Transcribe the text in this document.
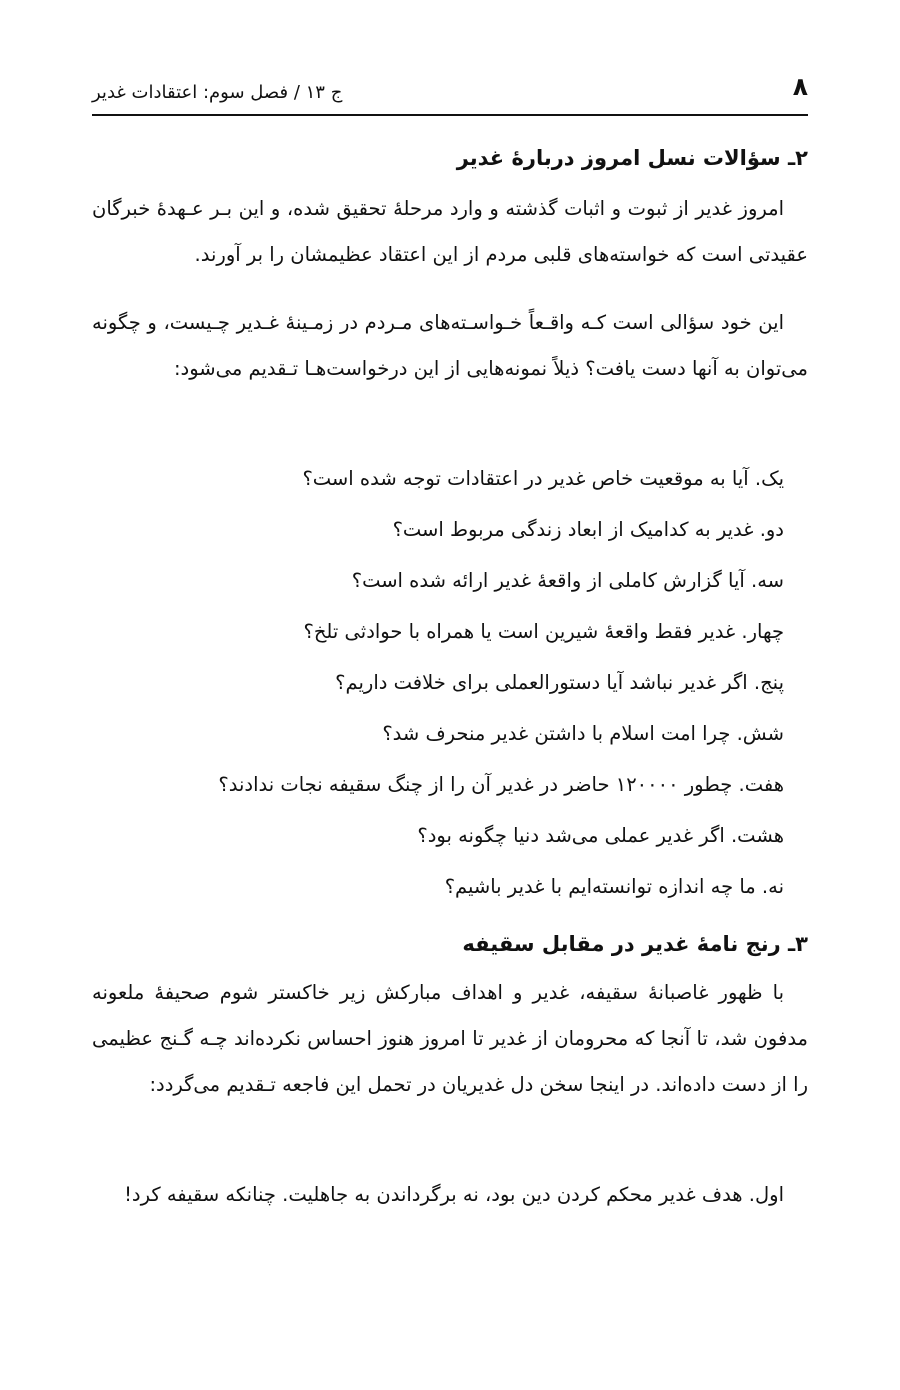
۸
ج ۱۳ / فصل سوم: اعتقادات غدیر
۲ـ سؤالات نسل امروز دربارۀ غدیر

امروز غدیر از ثبوت و اثبات گذشته و وارد مرحلۀ تحقیق شده، و این بـر عـهدۀ خبرگان عقیدتی است که خواسته‌های قلبی مردم از این اعتقاد عظیمشان را بر آورند.

این خود سؤالی است کـه واقـعاً خـواسـته‌های مـردم در زمـینۀ غـدیر چـیست، و چگونه می‌توان به آنها دست یافت؟ ذیلاً نمونه‌هایی از این درخواست‌هـا تـقدیم می‌شود:

یک. آیا به موقعیت خاص غدیر در اعتقادات توجه شده است؟
دو. غدیر به کدامیک از ابعاد زندگی مربوط است؟
سه. آیا گزارش کاملی از واقعۀ غدیر ارائه شده است؟
چهار. غدیر فقط واقعۀ شیرین است یا همراه با حوادثی تلخ؟
پنج. اگر غدیر نباشد آیا دستورالعملی برای خلافت داریم؟
شش. چرا امت اسلام با داشتن غدیر منحرف شد؟
هفت. چطور ۱۲۰۰۰۰ حاضر در غدیر آن را از چنگ سقیفه نجات ندادند؟
هشت. اگر غدیر عملی می‌شد دنیا چگونه بود؟
نه. ما چه اندازه توانسته‌ایم با غدیر باشیم؟
۳ـ رنج نامۀ غدیر در مقابل سقیفه

با ظهور غاصبانۀ سقیفه، غدیر و اهداف مبارکش زیر خاکستر شوم صحیفۀ ملعونه مدفون شد، تا آنجا که محرومان از غدیر تا امروز هنوز احساس نکرده‌اند چـه گـنج عظیمی را از دست داده‌اند. در اینجا سخن دل غدیریان در تحمل این فاجعه تـقدیم می‌گردد:

اول. هدف غدیر محکم کردن دین بود، نه برگرداندن به جاهلیت. چنانکه سقیفه کرد!
